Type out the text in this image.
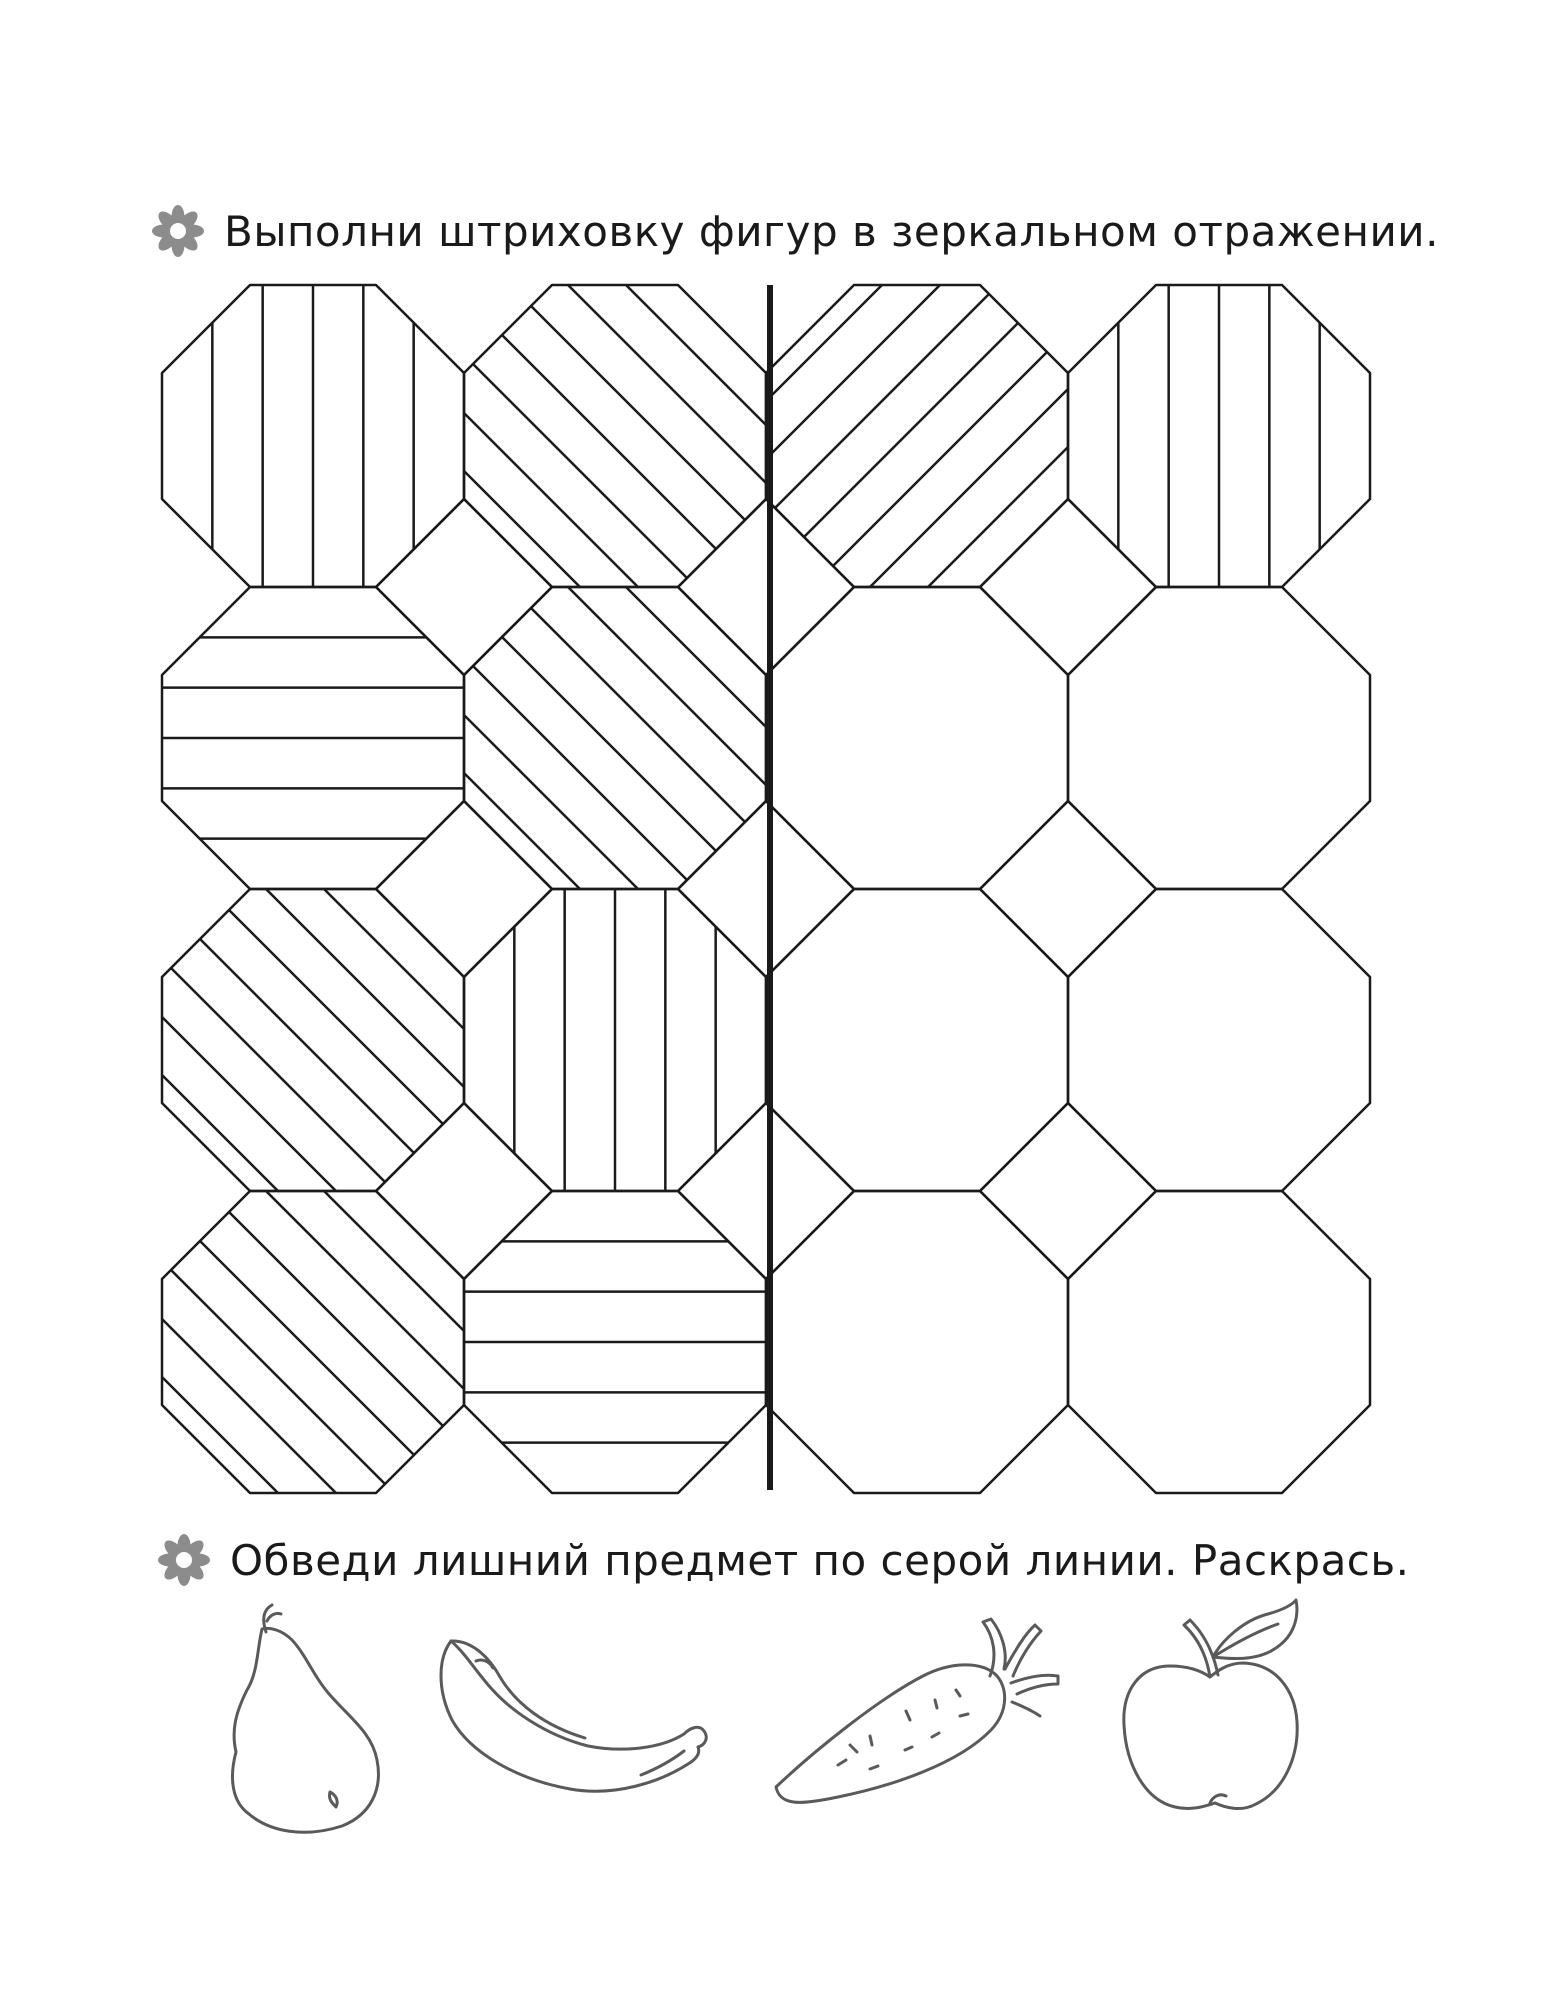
Выполни штриховку фигур в зеркальном отражении.
Обведи лишний предмет по серой линии. Раскрась.
